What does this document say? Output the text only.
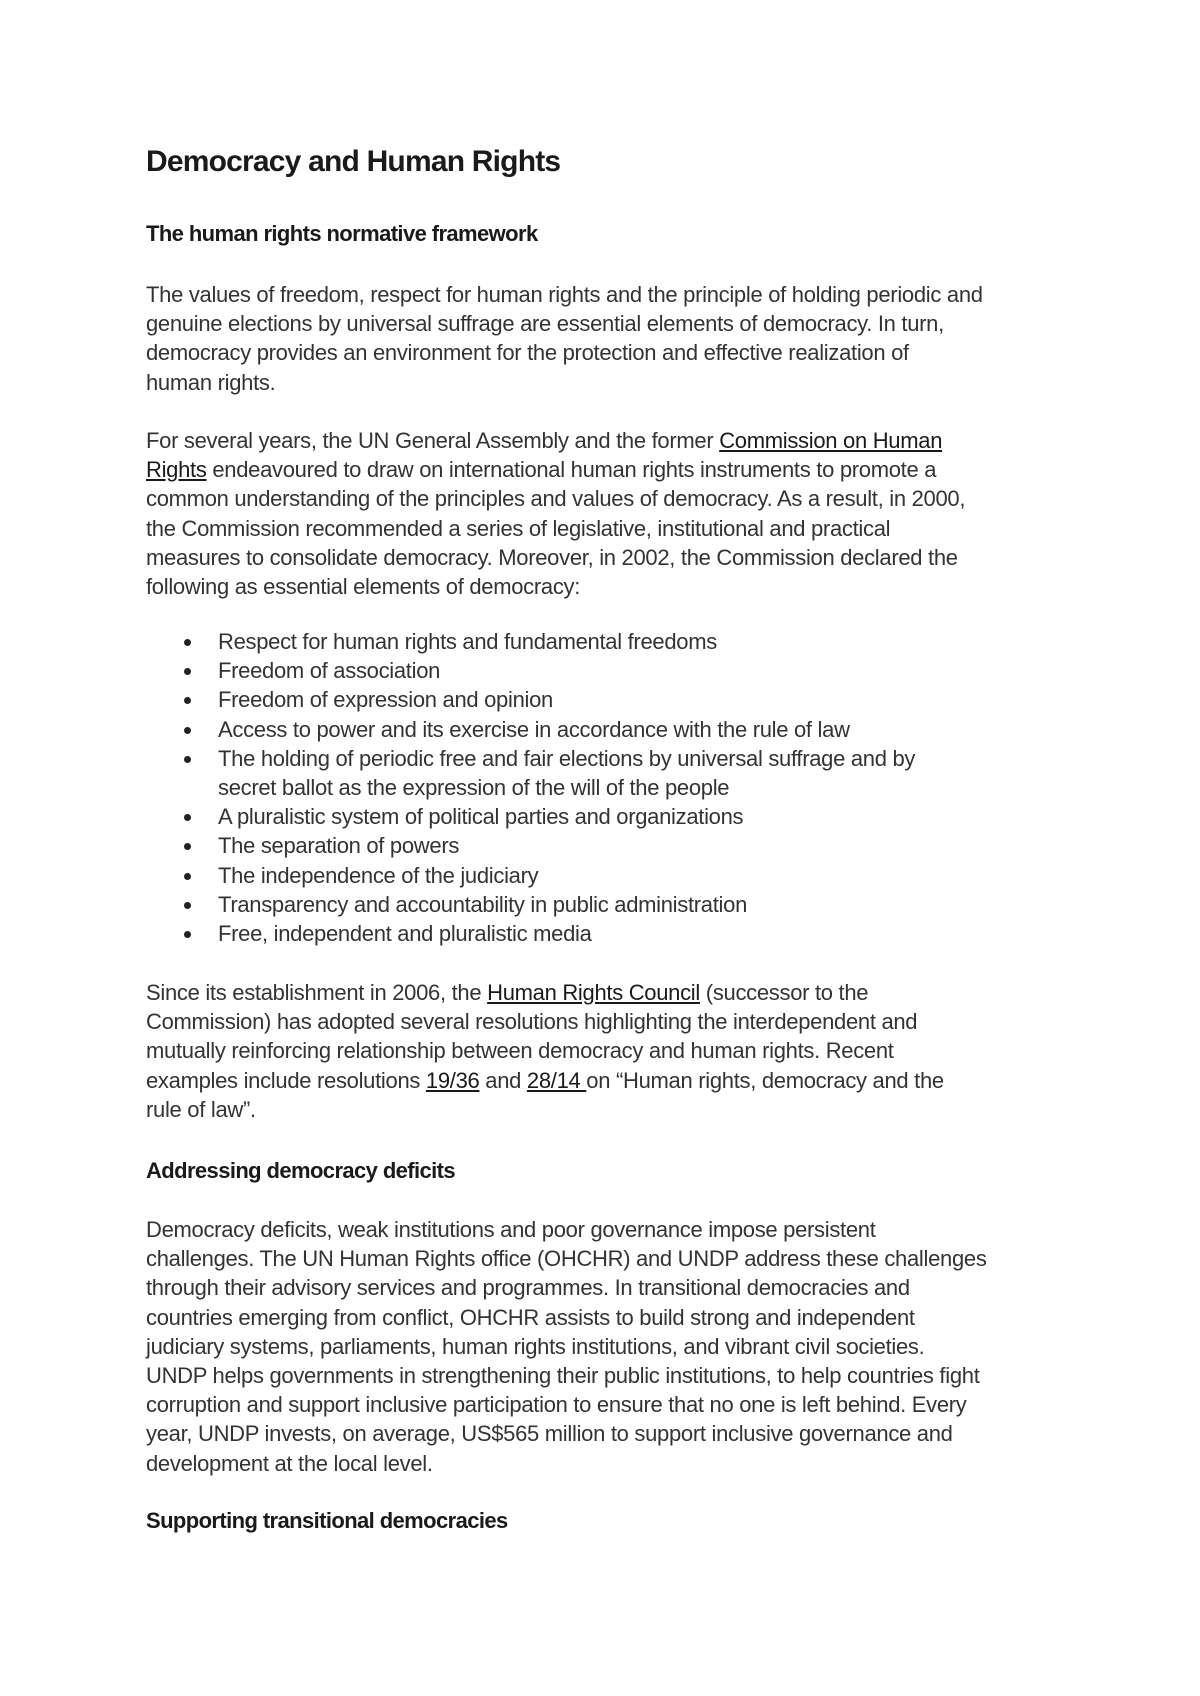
Democracy and Human Rights
The human rights normative framework

The values of freedom, respect for human rights and the principle of holding periodic and
genuine elections by universal suffrage are essential elements of democracy. In turn,
democracy provides an environment for the protection and effective realization of
human rights.

For several years, the UN General Assembly and the former Commission on Human
Rights endeavoured to draw on international human rights instruments to promote a
common understanding of the principles and values of democracy. As a result, in 2000,
the Commission recommended a series of legislative, institutional and practical
measures to consolidate democracy. Moreover, in 2002, the Commission declared the
following as essential elements of democracy:

Respect for human rights and fundamental freedoms
Freedom of association
Freedom of expression and opinion
Access to power and its exercise in accordance with the rule of law
The holding of periodic free and fair elections by universal suffrage and by
secret ballot as the expression of the will of the people
A pluralistic system of political parties and organizations
The separation of powers
The independence of the judiciary
Transparency and accountability in public administration
Free, independent and pluralistic media

Since its establishment in 2006, the Human Rights Council (successor to the
Commission) has adopted several resolutions highlighting the interdependent and
mutually reinforcing relationship between democracy and human rights. Recent
examples include resolutions 19/36 and 28/14 on “Human rights, democracy and the
rule of law”.

Addressing democracy deficits

Democracy deficits, weak institutions and poor governance impose persistent
challenges. The UN Human Rights office (OHCHR) and UNDP address these challenges
through their advisory services and programmes. In transitional democracies and
countries emerging from conflict, OHCHR assists to build strong and independent
judiciary systems, parliaments, human rights institutions, and vibrant civil societies.
UNDP helps governments in strengthening their public institutions, to help countries fight
corruption and support inclusive participation to ensure that no one is left behind. Every
year, UNDP invests, on average, US$565 million to support inclusive governance and
development at the local level.

Supporting transitional democracies
